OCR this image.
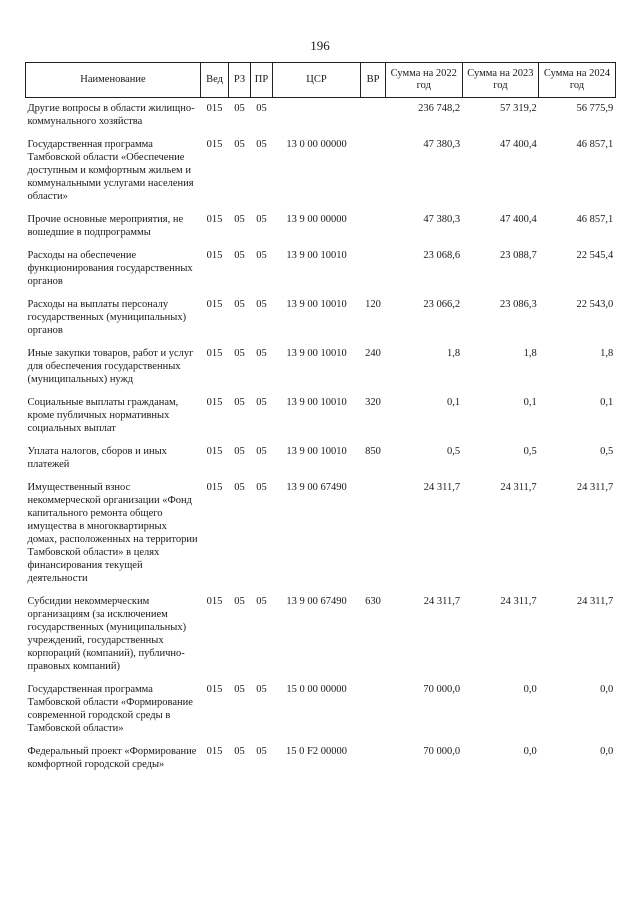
196
Наименование	Вед	РЗ	ПР	ЦСР	ВР	Сумма на 2022 год	Сумма на 2023 год	Сумма на 2024 год
Другие вопросы в области жилищно-коммунального хозяйства	015	05	05			236 748,2	57 319,2	56 775,9
Государственная программа Тамбовской области «Обеспечение доступным и комфортным жильем и коммунальными услугами населения области»	015	05	05	13 0 00 00000		47 380,3	47 400,4	46 857,1
Прочие основные мероприятия, не вошедшие в подпрограммы	015	05	05	13 9 00 00000		47 380,3	47 400,4	46 857,1
Расходы на обеспечение функционирования государственных органов	015	05	05	13 9 00 10010		23 068,6	23 088,7	22 545,4
Расходы на выплаты персоналу государственных (муниципальных) органов	015	05	05	13 9 00 10010	120	23 066,2	23 086,3	22 543,0
Иные закупки товаров, работ и услуг для обеспечения государственных (муниципальных) нужд	015	05	05	13 9 00 10010	240	1,8	1,8	1,8
Социальные выплаты гражданам, кроме публичных нормативных социальных выплат	015	05	05	13 9 00 10010	320	0,1	0,1	0,1
Уплата налогов, сборов и иных платежей	015	05	05	13 9 00 10010	850	0,5	0,5	0,5
Имущественный взнос некоммерческой организации «Фонд капитального ремонта общего имущества в многоквартирных домах, расположенных на территории Тамбовской области» в целях финансирования текущей деятельности	015	05	05	13 9 00 67490		24 311,7	24 311,7	24 311,7
Субсидии некоммерческим организациям (за исключением государственных (муниципальных) учреждений, государственных корпораций (компаний), публично-правовых компаний)	015	05	05	13 9 00 67490	630	24 311,7	24 311,7	24 311,7
Государственная программа Тамбовской области «Формирование современной городской среды в Тамбовской области»	015	05	05	15 0 00 00000		70 000,0	0,0	0,0
Федеральный проект «Формирование комфортной городской среды»	015	05	05	15 0 F2 00000		70 000,0	0,0	0,0
